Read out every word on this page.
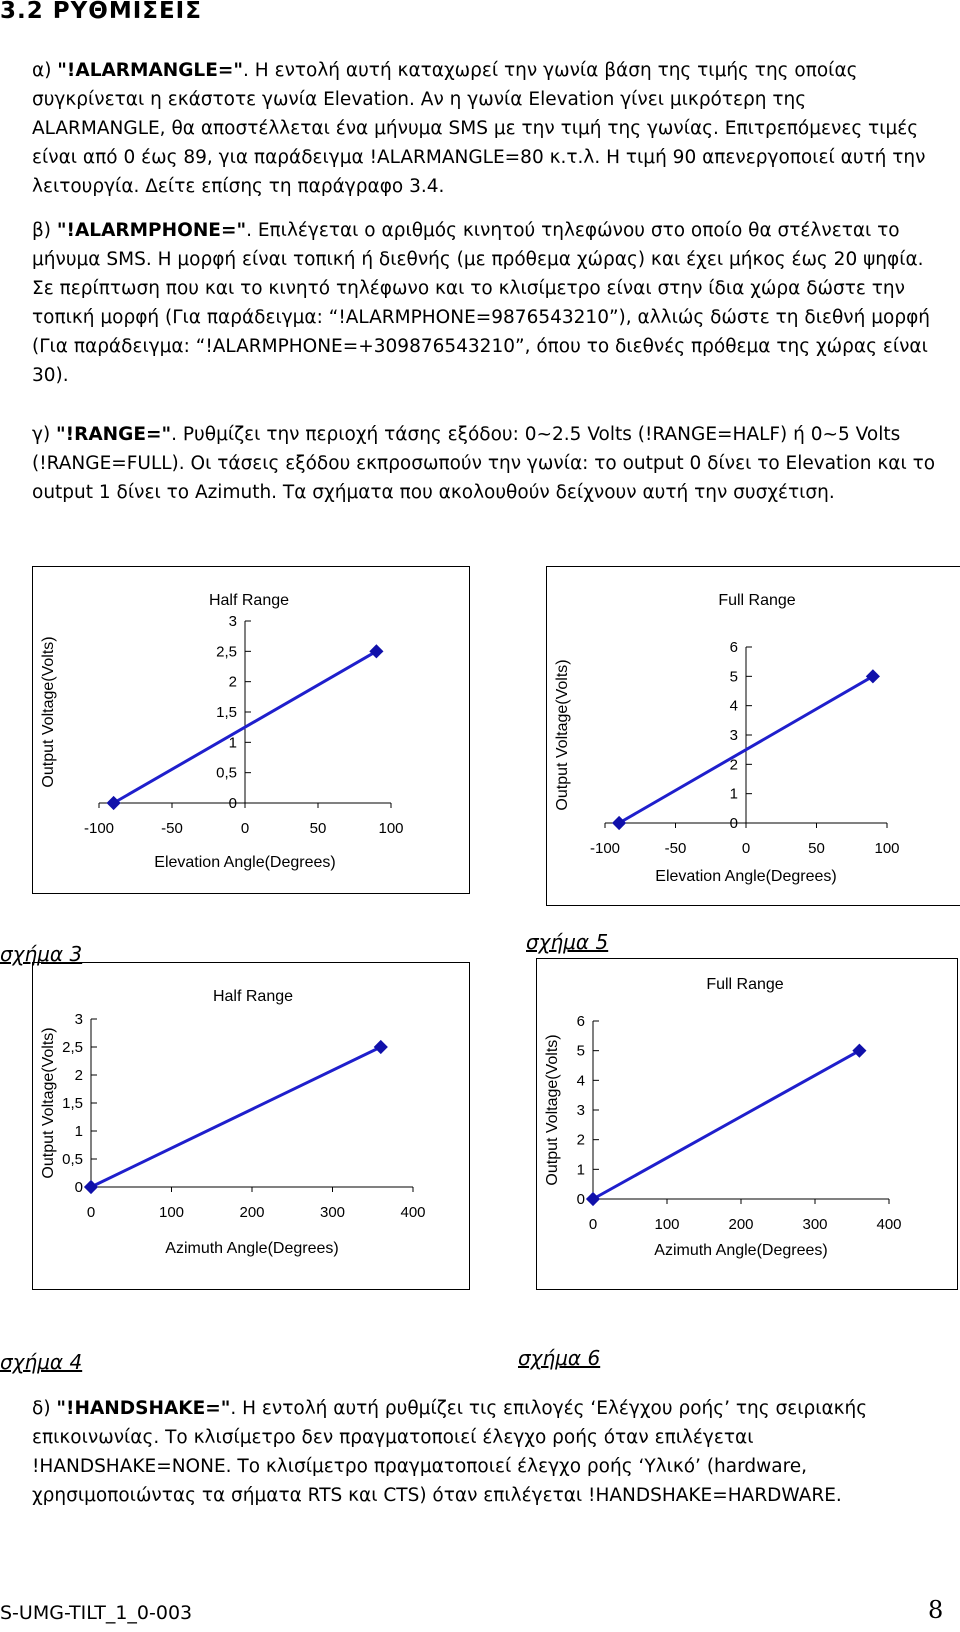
3.2 ΡΥΘΜΙΣΕΙΣ
α) "!ALARMANGLE=". Η εντολή αυτή καταχωρεί την γωνία βάση της τιμής της οποίας συγκρίνεται η εκάστοτε γωνία Elevation. Αν η γωνία Elevation γίνει μικρότερη της ALARMANGLE, θα αποστέλλεται ένα μήνυμα SMS με την τιμή της γωνίας. Επιτρεπόμενες τιμές είναι από 0 έως 89, για παράδειγμα !ALARMANGLE=80 κ.τ.λ. Η τιμή 90 απενεργοποιεί αυτή την λειτουργία. Δείτε επίσης τη παράγραφο 3.4.
β) "!ALARMPHONE=". Επιλέγεται ο αριθμός κινητού τηλεφώνου στο οποίο θα στέλνεται το μήνυμα SMS. Η μορφή είναι τοπική ή διεθνής (με πρόθεμα χώρας) και έχει μήκος έως 20 ψηφία. Σε περίπτωση που και το κινητό τηλέφωνο και το κλισίμετρο είναι στην ίδια χώρα δώστε την τοπική μορφή (Για παράδειγμα: “!ALARMPHONE=9876543210”), αλλιώς δώστε τη διεθνή μορφή (Για παράδειγμα: “!ALARMPHONE=+309876543210”, όπου το διεθνές πρόθεμα της χώρας είναι 30).
γ) "!RANGE=". Ρυθμίζει την περιοχή τάσης εξόδου: 0~2.5 Volts (!RANGE=HALF) ή 0~5 Volts (!RANGE=FULL). Οι τάσεις εξόδου εκπροσωπούν την γωνία: το output 0 δίνει το Elevation και το output 1 δίνει το Azimuth. Τα σχήματα που ακολουθούν δείχνουν αυτή την συσχέτιση.
0
0,5
1
1,5
2
2,5
3
-100	-50	0	50	100
Half Range
Elevation Angle(Degrees)
Output Voltage(Volts)
0
1
2
3
4
5
6
-100	-50	0	50	100
Full Range
Elevation Angle(Degrees)
Output Voltage(Volts)
0
0,5
1
1,5
2
2,5
3
0	100	200	300	400
Half Range
Azimuth Angle(Degrees)
Output Voltage(Volts)
0
1
2
3
4
5
6
0	100	200	300	400
Full Range
Azimuth Angle(Degrees)
Output Voltage(Volts)
σχήμα 3	σχήμα 5
σχήμα 4	σχήμα 6
δ) "!HANDSHAKE=". Η εντολή αυτή ρυθμίζει τις επιλογές ‘Ελέγχου ροής’ της σειριακής επικοινωνίας. Το κλισίμετρο δεν πραγματοποιεί έλεγχο ροής όταν επιλέγεται !HANDSHAKE=NONE. Το κλισίμετρο πραγματοποιεί έλεγχο ροής ‘Υλικό’ (hardware, χρησιμοποιώντας τα σήματα RTS και CTS) όταν επιλέγεται !HANDSHAKE=HARDWARE.
S-UMG-TILT_1_0-003	8
